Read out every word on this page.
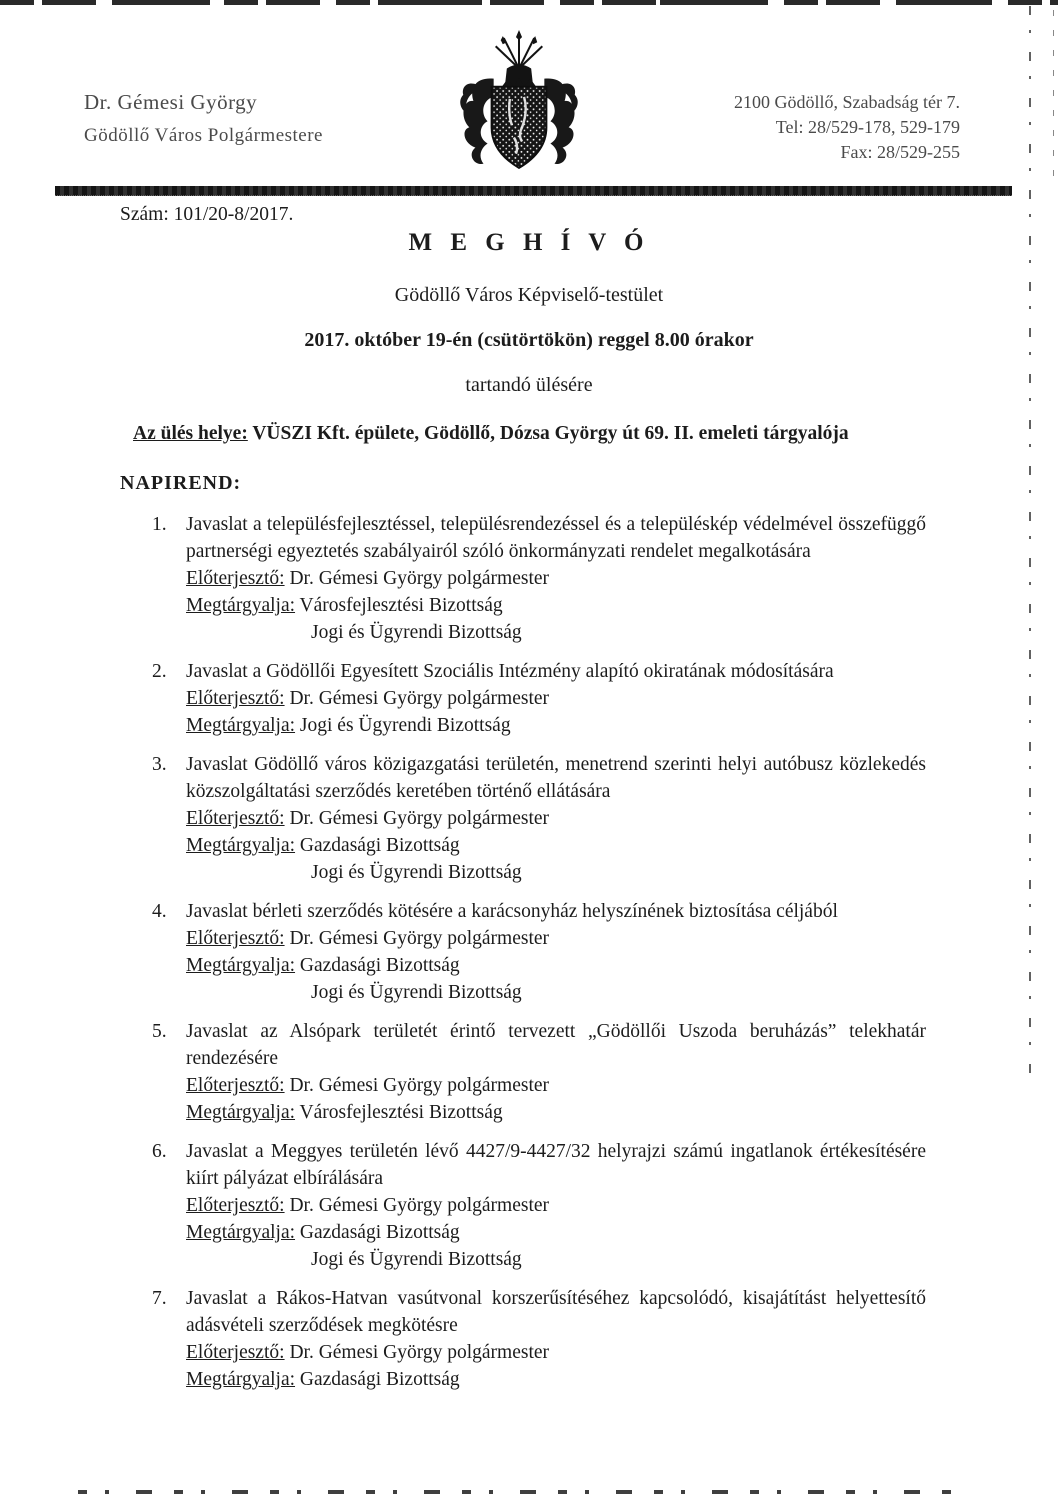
Dr. Gémesi György
Gödöllő Város Polgármestere
2100 Gödöllő, Szabadság tér 7.
Tel: 28/529-178, 529-179
Fax: 28/529-255
Szám: 101/20-8/2017.
M E G H Í V Ó
Gödöllő Város Képviselő-testület
2017. október 19-én (csütörtökön) reggel 8.00 órakor
tartandó ülésére
Az ülés helye: VÜSZI Kft. épülete, Gödöllő, Dózsa György út 69. II. emeleti tárgyalója
NAPIREND:
1. Javaslat a településfejlesztéssel, településrendezéssel és a településkép védelmével összefüggő partnerségi egyeztetés szabályairól szóló önkormányzati rendelet megalkotására
Előterjesztő: Dr. Gémesi György polgármester
Megtárgyalja: Városfejlesztési Bizottság
Jogi és Ügyrendi Bizottság
2. Javaslat a Gödöllői Egyesített Szociális Intézmény alapító okiratának módosítására
Előterjesztő: Dr. Gémesi György polgármester
Megtárgyalja: Jogi és Ügyrendi Bizottság
3. Javaslat Gödöllő város közigazgatási területén, menetrend szerinti helyi autóbusz közlekedés közszolgáltatási szerződés keretében történő ellátására
Előterjesztő: Dr. Gémesi György polgármester
Megtárgyalja: Gazdasági Bizottság
Jogi és Ügyrendi Bizottság
4. Javaslat bérleti szerződés kötésére a karácsonyház helyszínének biztosítása céljából
Előterjesztő: Dr. Gémesi György polgármester
Megtárgyalja: Gazdasági Bizottság
Jogi és Ügyrendi Bizottság
5. Javaslat az Alsópark területét érintő tervezett „Gödöllői Uszoda beruházás” telekhatár rendezésére
Előterjesztő: Dr. Gémesi György polgármester
Megtárgyalja: Városfejlesztési Bizottság
6. Javaslat a Meggyes területén lévő 4427/9-4427/32 helyrajzi számú ingatlanok értékesítésére kiírt pályázat elbírálására
Előterjesztő: Dr. Gémesi György polgármester
Megtárgyalja: Gazdasági Bizottság
Jogi és Ügyrendi Bizottság
7. Javaslat a Rákos-Hatvan vasútvonal korszerűsítéséhez kapcsolódó, kisajátítást helyettesítő adásvételi szerződések megkötésre
Előterjesztő: Dr. Gémesi György polgármester
Megtárgyalja: Gazdasági Bizottság
